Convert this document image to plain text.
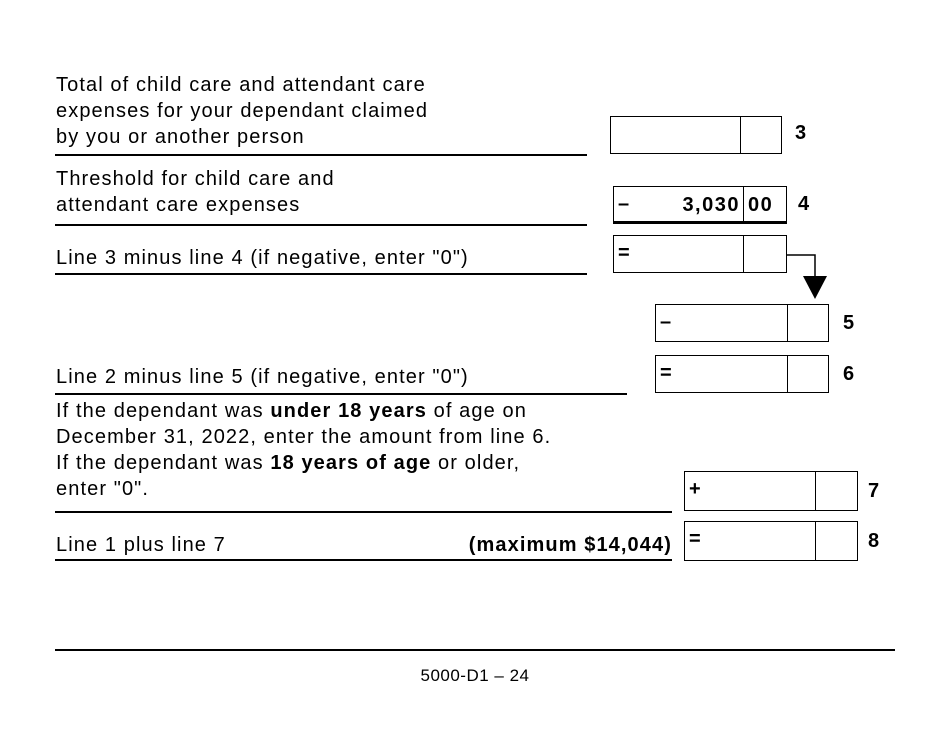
Total of child care and attendant care
expenses for your dependant claimed
by you or another person	3
Threshold for child care and
attendant care expenses	–	3,030 00 4
Line 3 minus line 4 (if negative, enter "0")	=
–	5
Line 2 minus line 5 (if negative, enter "0")	=	6
If the dependant was under 18 years of age on
December 31, 2022, enter the amount from line 6.
If the dependant was 18 years of age or older,
enter "0".	+	7
Line 1 plus line 7	(maximum $14,044) =	8
5000-D1 – 24
